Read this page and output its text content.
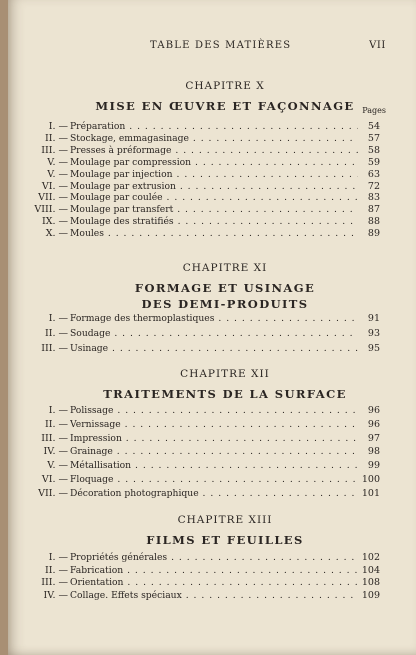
TABLE DES MATIÈRES	VII
CHAPITRE X
MISE EN ŒUVRE ET FAÇONNAGE Pages
I. — Préparation . . .	54
II. — Stockage, emmagasinage . . .	57
III. — Presses à préformage . . .	58
V. — Moulage par compression . . .	59
V. — Moulage par injection . . .	63
VI. — Moulage par extrusion . . .	72
VII. — Moulage par coulée . . .	83
VIII. — Moulage par transfert . . .	87
IX. — Moulage des stratifiés . . .	88
X. — Moules . . .	89
CHAPITRE XI
FORMAGE ET USINAGE
DES DEMI-PRODUITS
I. — Formage des thermoplastiques . . .	91
II. — Soudage . . .	93
III. — Usinage . . .	95
CHAPITRE XII
TRAITEMENTS DE LA SURFACE
I. — Polissage . . .	96
II. — Vernissage . . .	96
III. — Impression . . .	97
IV. — Grainage . . .	98
V. — Métallisation . . .	99
VI. — Floquage . . .	100
VII. — Décoration photographique . . .	101
CHAPITRE XIII
FILMS ET FEUILLES
I. — Propriétés générales . . .	102
II. — Fabrication . . .	104
III. — Orientation . . .	108
IV. — Collage. Effets spéciaux . . .	109
